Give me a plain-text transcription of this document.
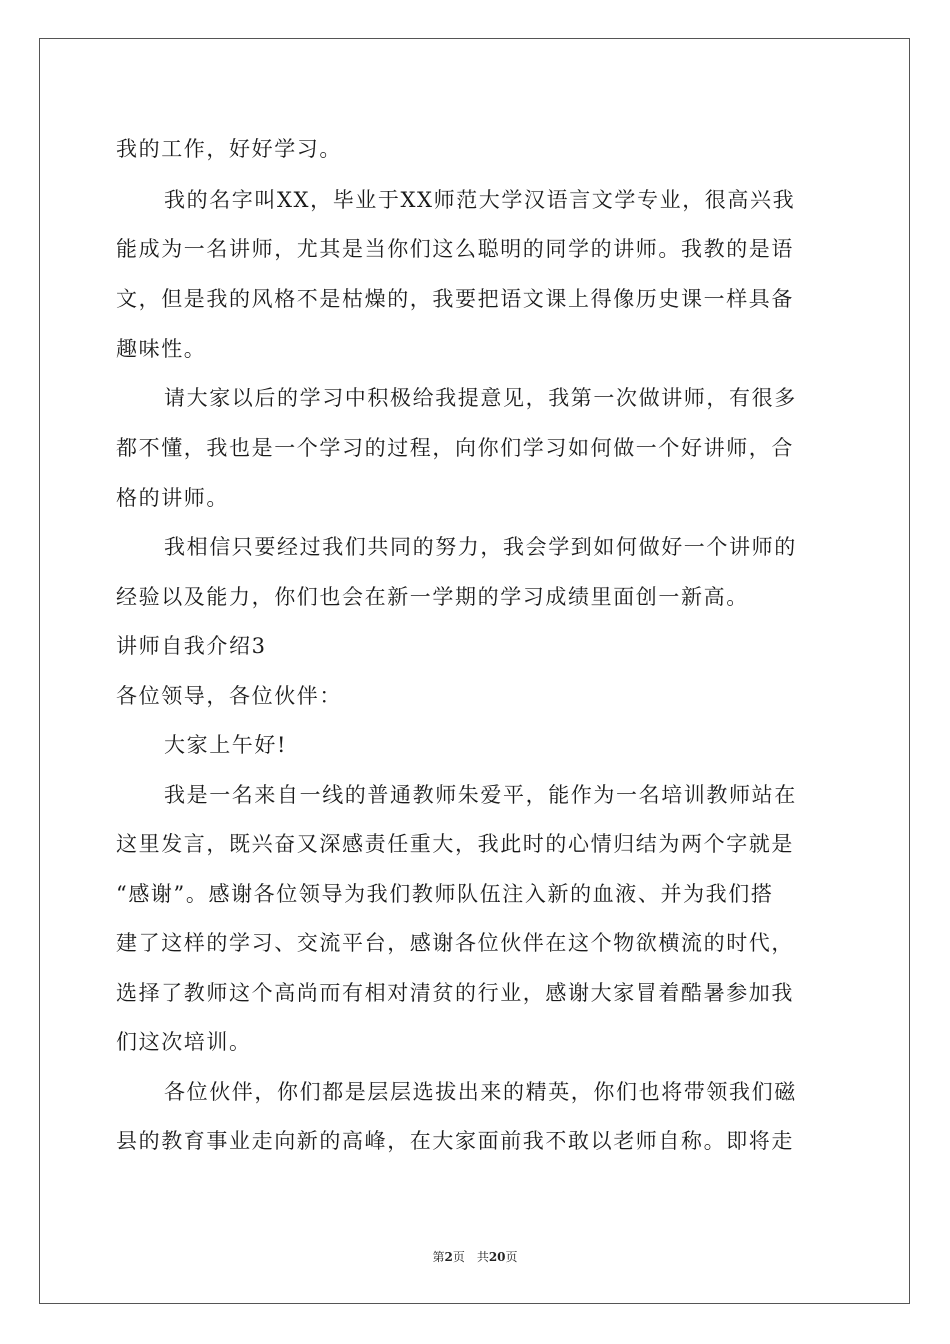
我的工作，好好学习。
我的名字叫XX，毕业于XX师范大学汉语言文学专业，很高兴我
能成为一名讲师，尤其是当你们这么聪明的同学的讲师。我教的是语
文，但是我的风格不是枯燥的，我要把语文课上得像历史课一样具备
趣味性。
请大家以后的学习中积极给我提意见，我第一次做讲师，有很多
都不懂，我也是一个学习的过程，向你们学习如何做一个好讲师，合
格的讲师。
我相信只要经过我们共同的努力，我会学到如何做好一个讲师的
经验以及能力，你们也会在新一学期的学习成绩里面创一新高。
讲师自我介绍3
各位领导，各位伙伴：
大家上午好!
我是一名来自一线的普通教师朱爱平，能作为一名培训教师站在
这里发言，既兴奋又深感责任重大，我此时的心情归结为两个字就是
“感谢”。感谢各位领导为我们教师队伍注入新的血液、并为我们搭
建了这样的学习、交流平台，感谢各位伙伴在这个物欲横流的时代，
选择了教师这个高尚而有相对清贫的行业，感谢大家冒着酷暑参加我
们这次培训。
各位伙伴，你们都是层层选拔出来的精英，你们也将带领我们磁
县的教育事业走向新的高峰，在大家面前我不敢以老师自称。即将走
第2页　共20页
